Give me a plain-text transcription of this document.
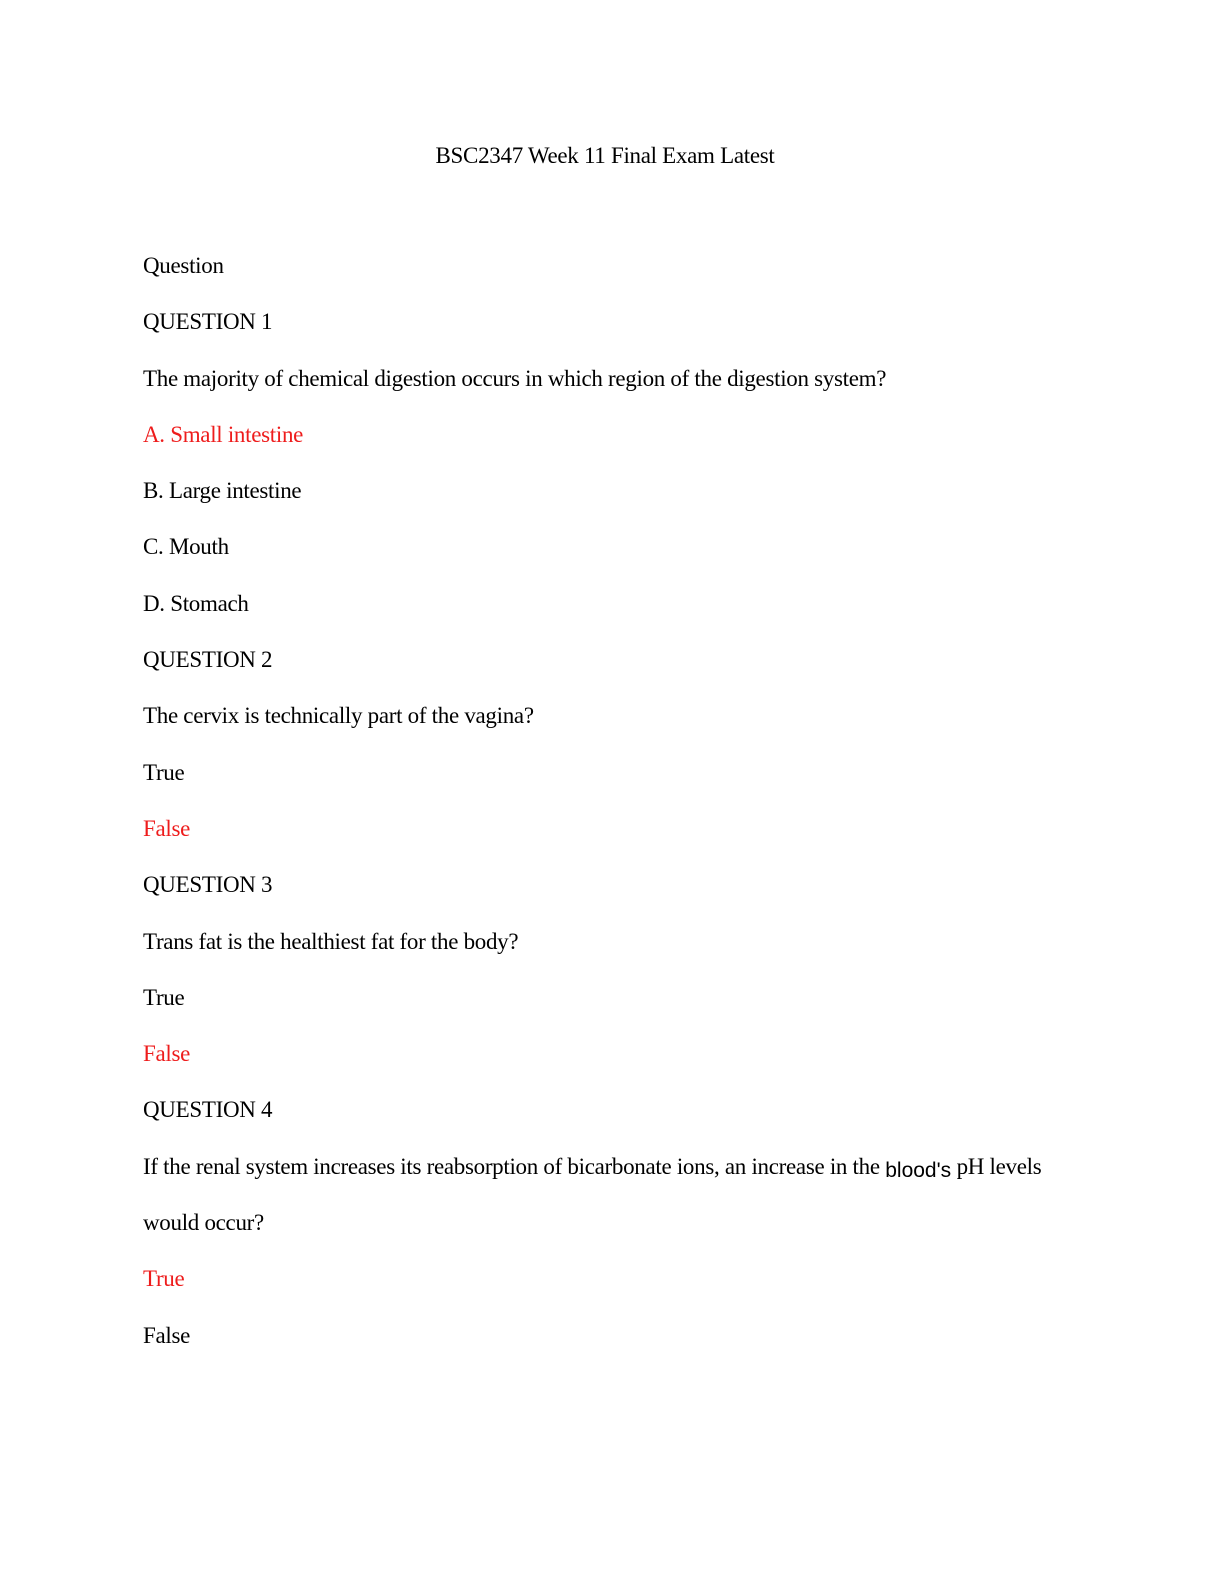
BSC2347 Week 11 Final Exam Latest
Question
QUESTION 1
The majority of chemical digestion occurs in which region of the digestion system?
A. Small intestine
B. Large intestine
C. Mouth
D. Stomach
QUESTION 2
The cervix is technically part of the vagina?
True
False
QUESTION 3
Trans fat is the healthiest fat for the body?
True
False
QUESTION 4
If the renal system increases its reabsorption of bicarbonate ions, an increase in the blood's pH levels
would occur?
True
False
